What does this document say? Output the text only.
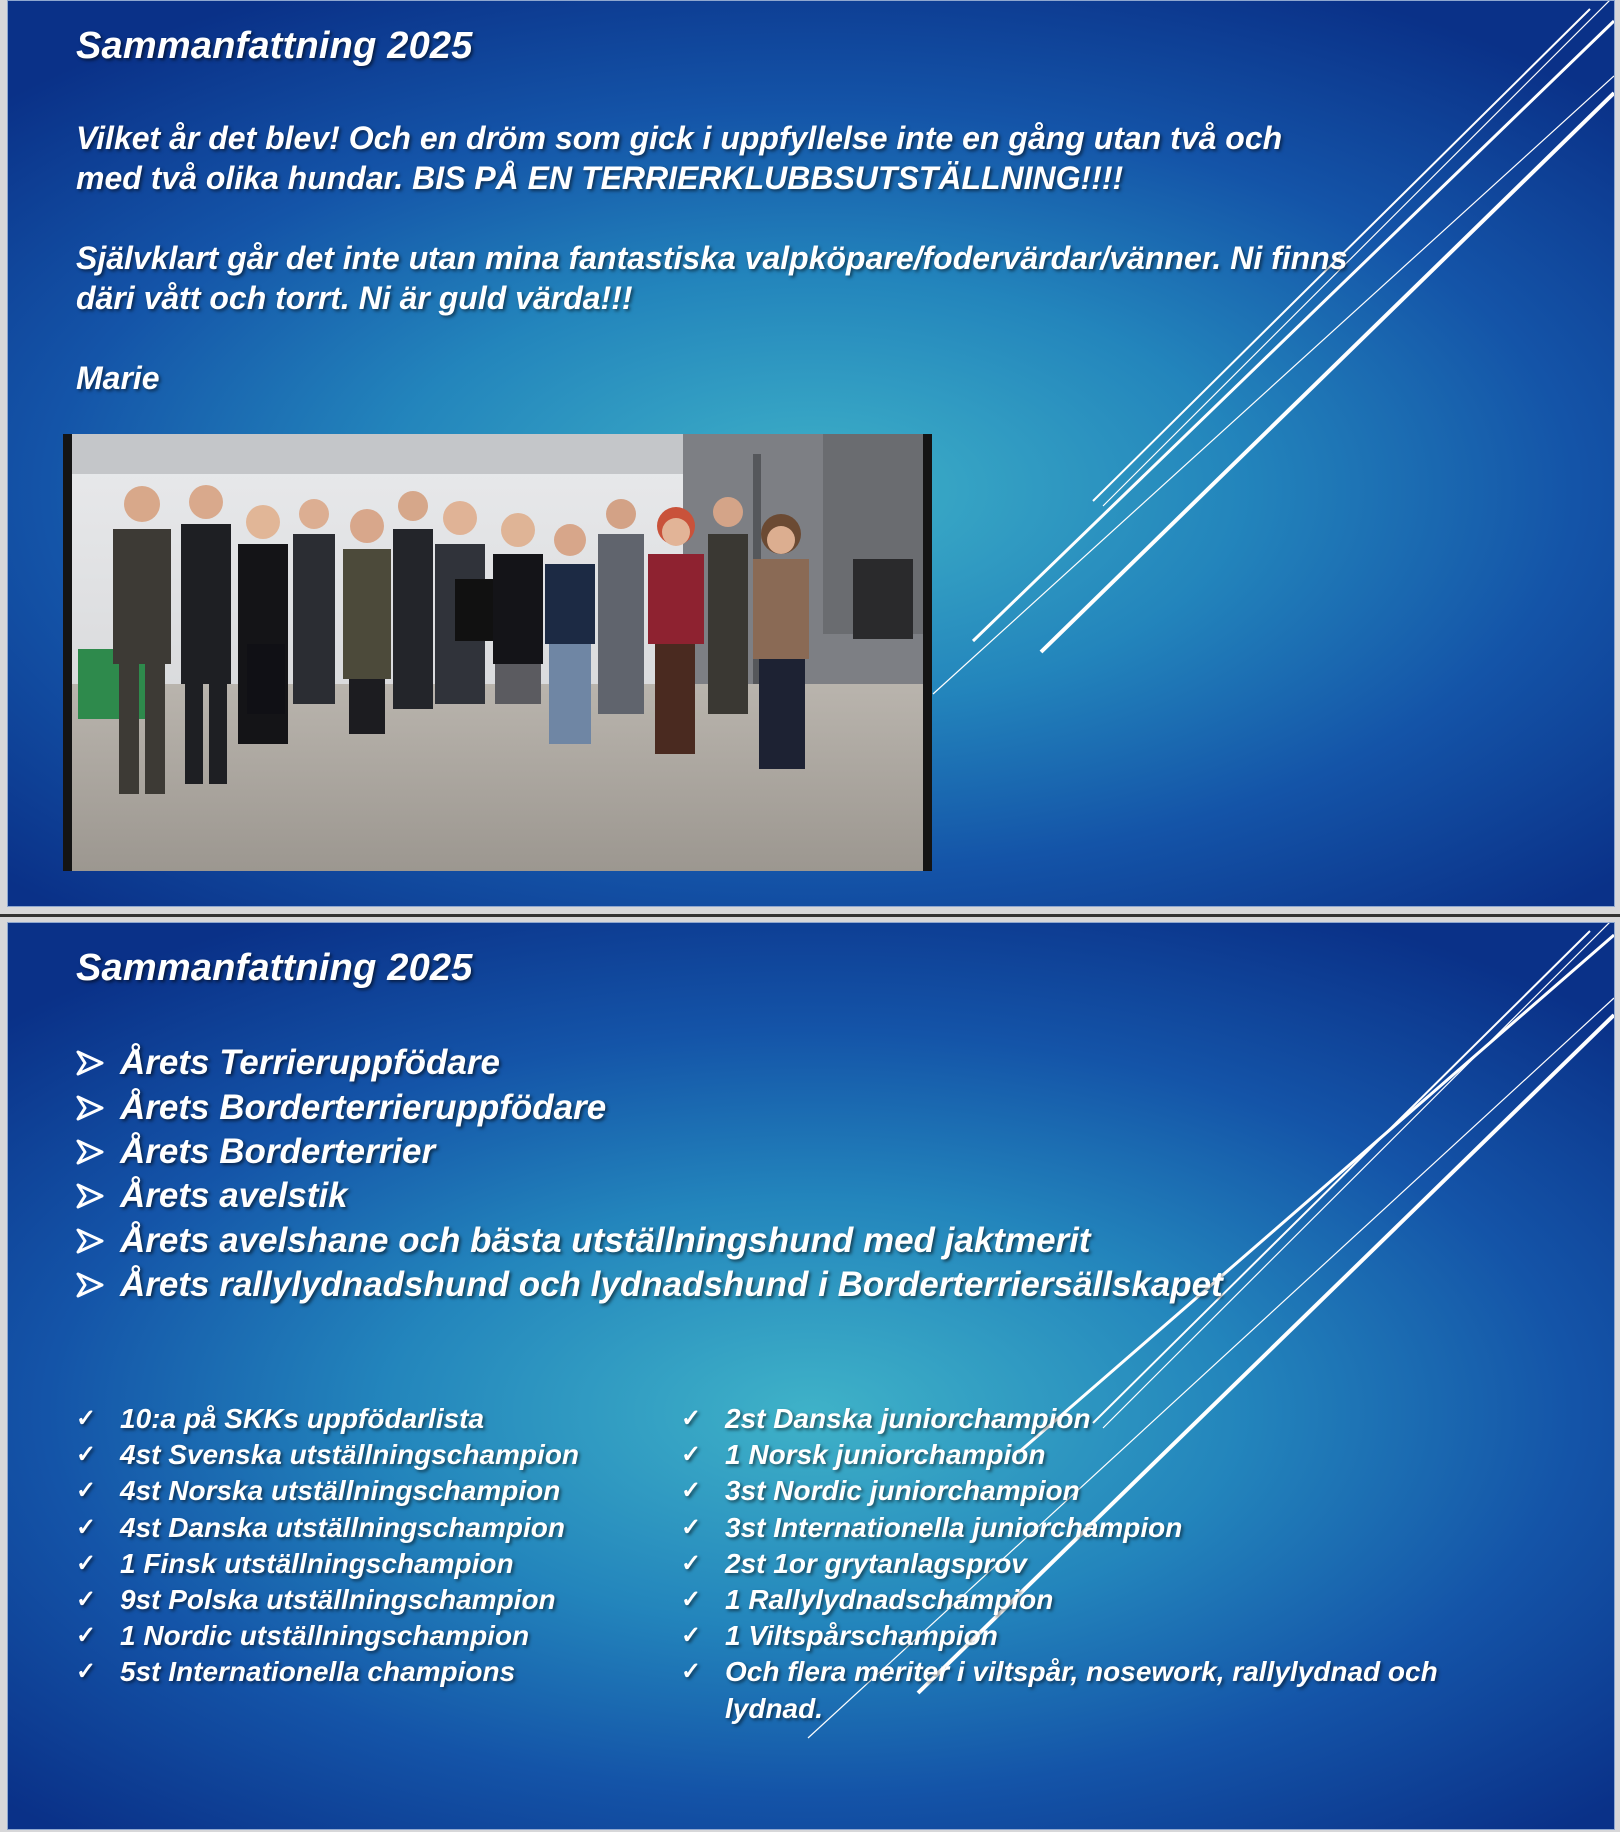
Sammanfattning 2025

Vilket år det blev! Och en dröm som gick i uppfyllelse inte en gång utan två och med två olika hundar. BIS PÅ EN TERRIERKLUBBSUTSTÄLLNING!!!!

Självklart går det inte utan mina fantastiska valpköpare/fodervärdar/vänner. Ni finns däri vått och torrt. Ni är guld värda!!!

Marie

Sammanfattning 2025
Årets Terrieruppfödare
Årets Borderterrieruppfödare
Årets Borderterrier
Årets avelstik
Årets avelshane och bästa utställningshund med jaktmerit
Årets rallylydnadshund och lydnadshund i Borderterriersällskapet
✓ 10:a på SKKs uppfödarlista
✓ 4st Svenska utställningschampion
✓ 4st Norska utställningschampion
✓ 4st Danska utställningschampion
✓ 1 Finsk utställningschampion
✓ 9st Polska utställningschampion
✓ 1 Nordic utställningschampion
✓ 5st Internationella champions
✓ 2st Danska juniorchampion
✓ 1 Norsk juniorchampion
✓ 3st Nordic juniorchampion
✓ 3st Internationella juniorchampion
✓ 2st 1or grytanlagsprov
✓ 1 Rallylydnadschampion
✓ 1 Viltspårschampion
✓ Och flera meriter i viltspår, nosework, rallylydnad och lydnad.
